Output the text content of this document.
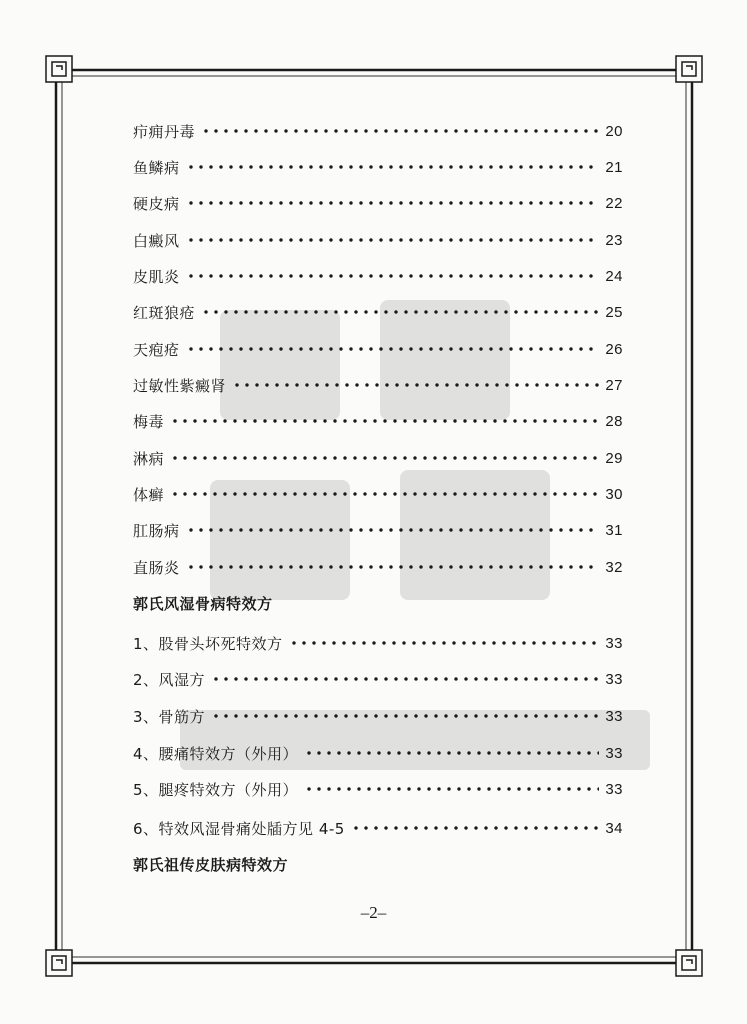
疖痈丹毒	20
鱼鳞病	21
硬皮病	22
白癜风	23
皮肌炎	24
红斑狼疮	25
天疱疮	26
过敏性紫癜肾	27
梅毒	28
淋病	29
体癣	30
肛肠病	31
直肠炎	32
郭氏风湿骨病特效方
1、股骨头坏死特效方	33
2、风湿方	33
3、骨筋方	33
4、腰痛特效方（外用）	33
5、腿疼特效方（外用）	33
6、特效风湿骨痛处牐方见 4-5	34
郭氏祖传皮肤病特效方
–2–
